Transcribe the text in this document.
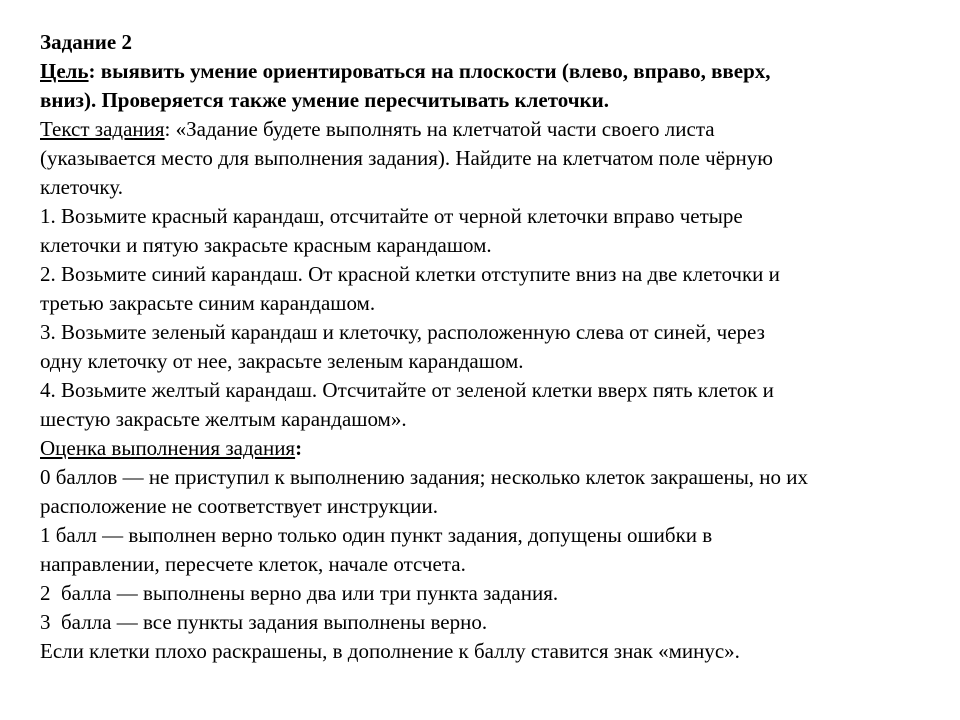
Задание 2
Цель: выявить умение ориентироваться на плоскости (влево, вправо, вверх,
вниз). Проверяется также умение пересчитывать клеточки.
Текст задания: «Задание будете выполнять на клетчатой части своего листа
(указывается место для выполнения задания). Найдите на клетчатом поле чёрную
клеточку.
1. Возьмите красный карандаш, отсчитайте от черной клеточки вправо четыре
клеточки и пятую закрасьте красным карандашом.
2. Возьмите синий карандаш. От красной клетки отступите вниз на две клеточки и
третью закрасьте синим карандашом.
3. Возьмите зеленый карандаш и клеточку, расположенную слева от синей, через
одну клеточку от нее, закрасьте зеленым карандашом.
4. Возьмите желтый карандаш. Отсчитайте от зеленой клетки вверх пять клеток и
шестую закрасьте желтым карандашом».
Оценка выполнения задания:
0 баллов — не приступил к выполнению задания; несколько клеток закрашены, но их
расположение не соответствует инструкции.
1 балл — выполнен верно только один пункт задания, допущены ошибки в
направлении, пересчете клеток, начале отсчета.
2  балла — выполнены верно два или три пункта задания.
3  балла — все пункты задания выполнены верно.
Если клетки плохо раскрашены, в дополнение к баллу ставится знак «минус».
